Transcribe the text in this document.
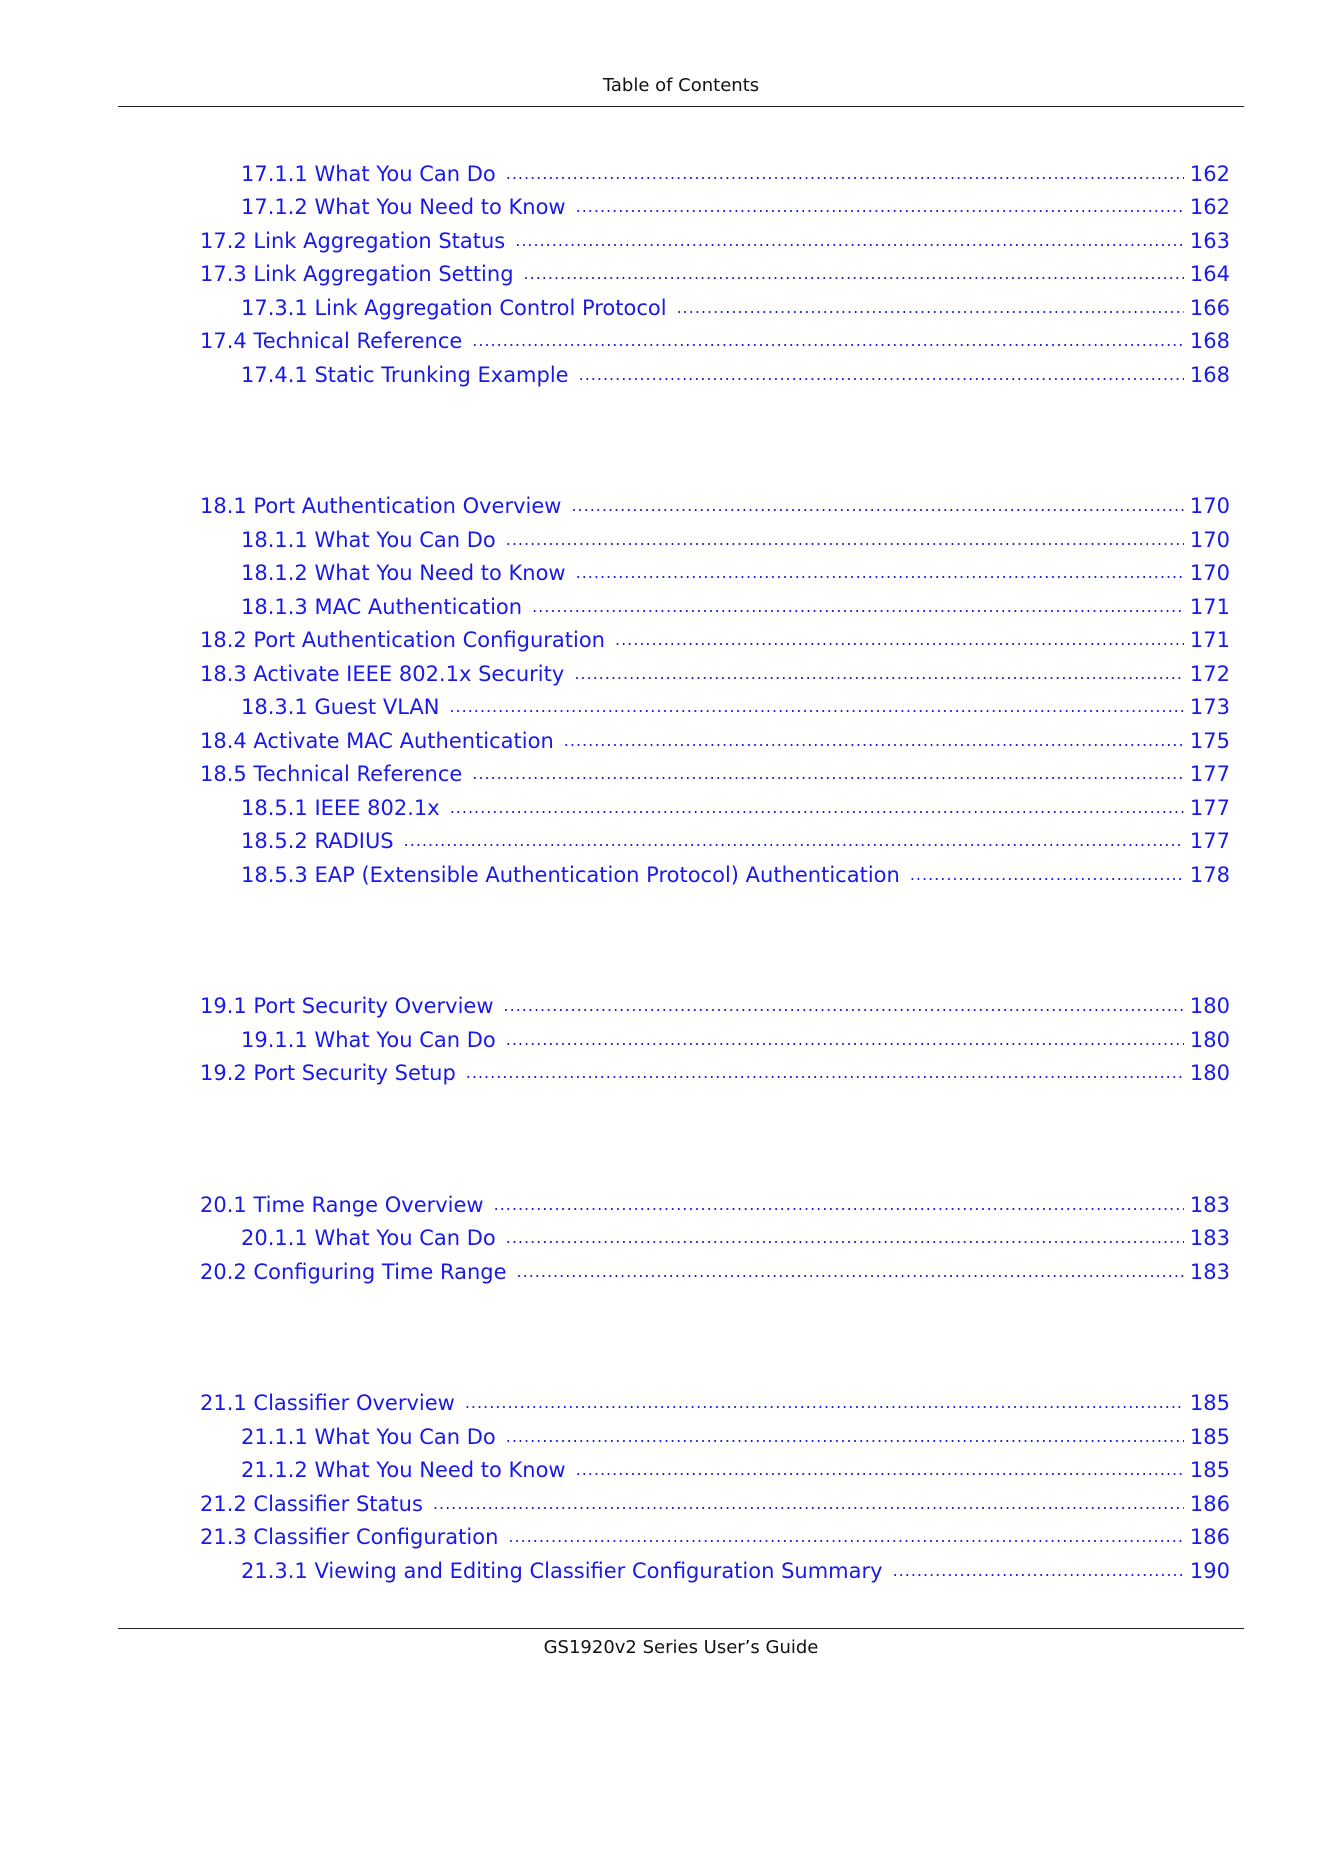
Table of Contents
17.1.1 What You Can Do .....	162
17.1.2 What You Need to Know .....	162
17.2 Link Aggregation Status .....	163
17.3 Link Aggregation Setting .....	164
17.3.1 Link Aggregation Control Protocol .....	166
17.4 Technical Reference .....	168
17.4.1 Static Trunking Example .....	168
18.1 Port Authentication Overview .....	170
18.1.1 What You Can Do .....	170
18.1.2 What You Need to Know .....	170
18.1.3 MAC Authentication .....	171
18.2 Port Authentication Configuration .....	171
18.3 Activate IEEE 802.1x Security .....	172
18.3.1 Guest VLAN .....	173
18.4 Activate MAC Authentication .....	175
18.5 Technical Reference .....	177
18.5.1 IEEE 802.1x .....	177
18.5.2 RADIUS .....	177
18.5.3 EAP (Extensible Authentication Protocol) Authentication .....	178
19.1 Port Security Overview .....	180
19.1.1 What You Can Do .....	180
19.2 Port Security Setup .....	180
20.1 Time Range Overview .....	183
20.1.1 What You Can Do .....	183
20.2 Configuring Time Range .....	183
21.1 Classifier Overview .....	185
21.1.1 What You Can Do .....	185
21.1.2 What You Need to Know .....	185
21.2 Classifier Status .....	186
21.3 Classifier Configuration .....	186
21.3.1 Viewing and Editing Classifier Configuration Summary .....	190
GS1920v2 Series User’s Guide
